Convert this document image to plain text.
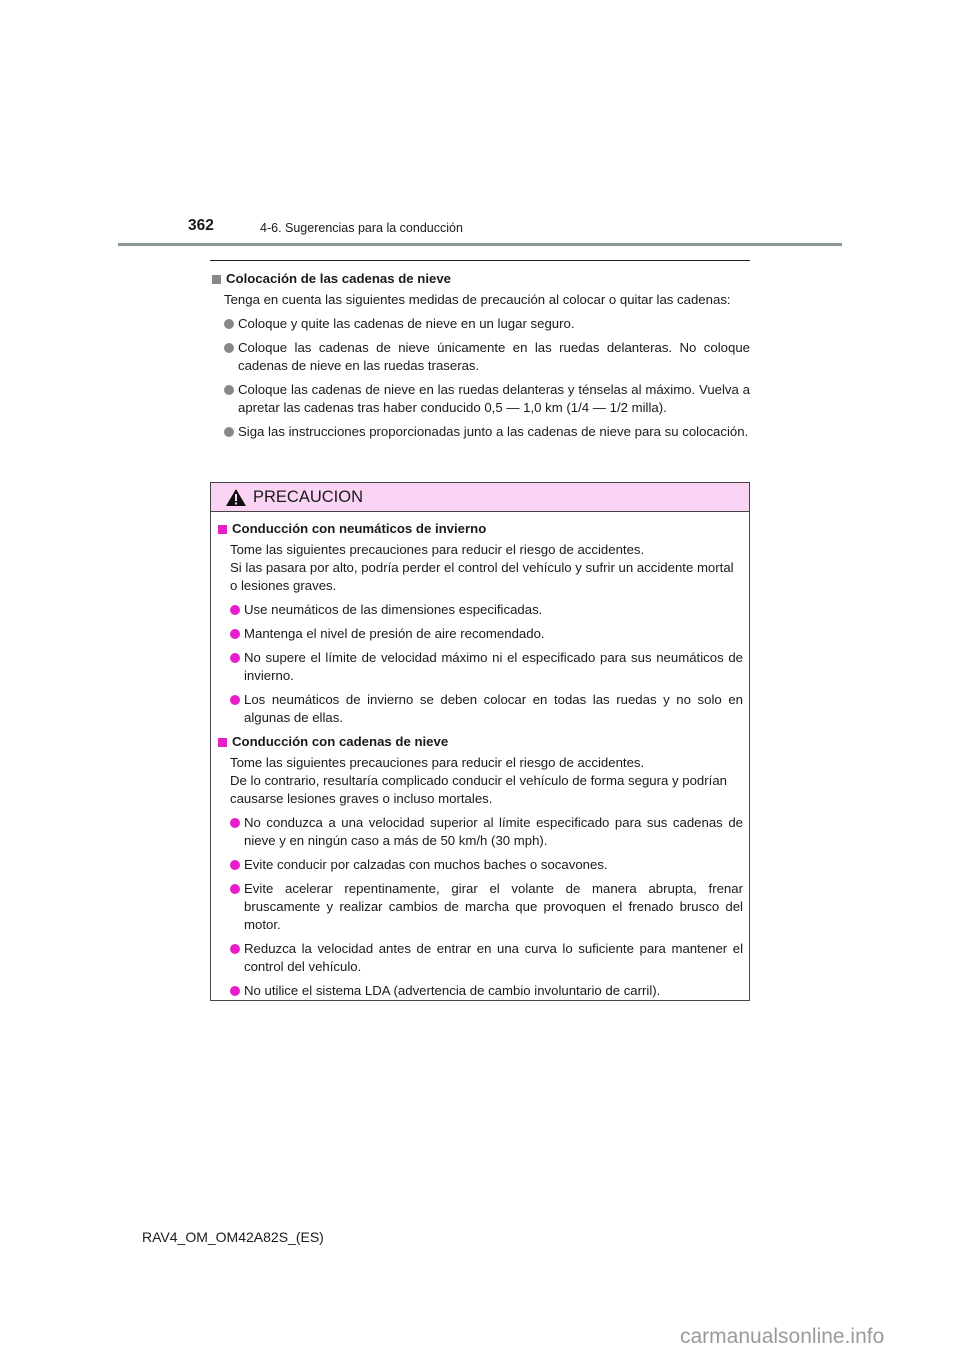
362	4-6. Sugerencias para la conducción
Colocación de las cadenas de nieve
Tenga en cuenta las siguientes medidas de precaución al colocar o quitar las cadenas:
Coloque y quite las cadenas de nieve en un lugar seguro.
Coloque las cadenas de nieve únicamente en las ruedas delanteras. No coloque cadenas de nieve en las ruedas traseras.
Coloque las cadenas de nieve en las ruedas delanteras y ténselas al máximo. Vuelva a apretar las cadenas tras haber conducido 0,5 — 1,0 km (1/4 — 1/2 milla).
Siga las instrucciones proporcionadas junto a las cadenas de nieve para su colocación.
PRECAUCION
Conducción con neumáticos de invierno
Tome las siguientes precauciones para reducir el riesgo de accidentes.
Si las pasara por alto, podría perder el control del vehículo y sufrir un accidente mortal o lesiones graves.
Use neumáticos de las dimensiones especificadas.
Mantenga el nivel de presión de aire recomendado.
No supere el límite de velocidad máximo ni el especificado para sus neumáticos de invierno.
Los neumáticos de invierno se deben colocar en todas las ruedas y no solo en algunas de ellas.
Conducción con cadenas de nieve
Tome las siguientes precauciones para reducir el riesgo de accidentes.
De lo contrario, resultaría complicado conducir el vehículo de forma segura y podrían causarse lesiones graves o incluso mortales.
No conduzca a una velocidad superior al límite especificado para sus cadenas de nieve y en ningún caso a más de 50 km/h (30 mph).
Evite conducir por calzadas con muchos baches o socavones.
Evite acelerar repentinamente, girar el volante de manera abrupta, frenar bruscamente y realizar cambios de marcha que provoquen el frenado brusco del motor.
Reduzca la velocidad antes de entrar en una curva lo suficiente para mantener el control del vehículo.
No utilice el sistema LDA (advertencia de cambio involuntario de carril).
RAV4_OM_OM42A82S_(ES)
carmanualsonline.info
